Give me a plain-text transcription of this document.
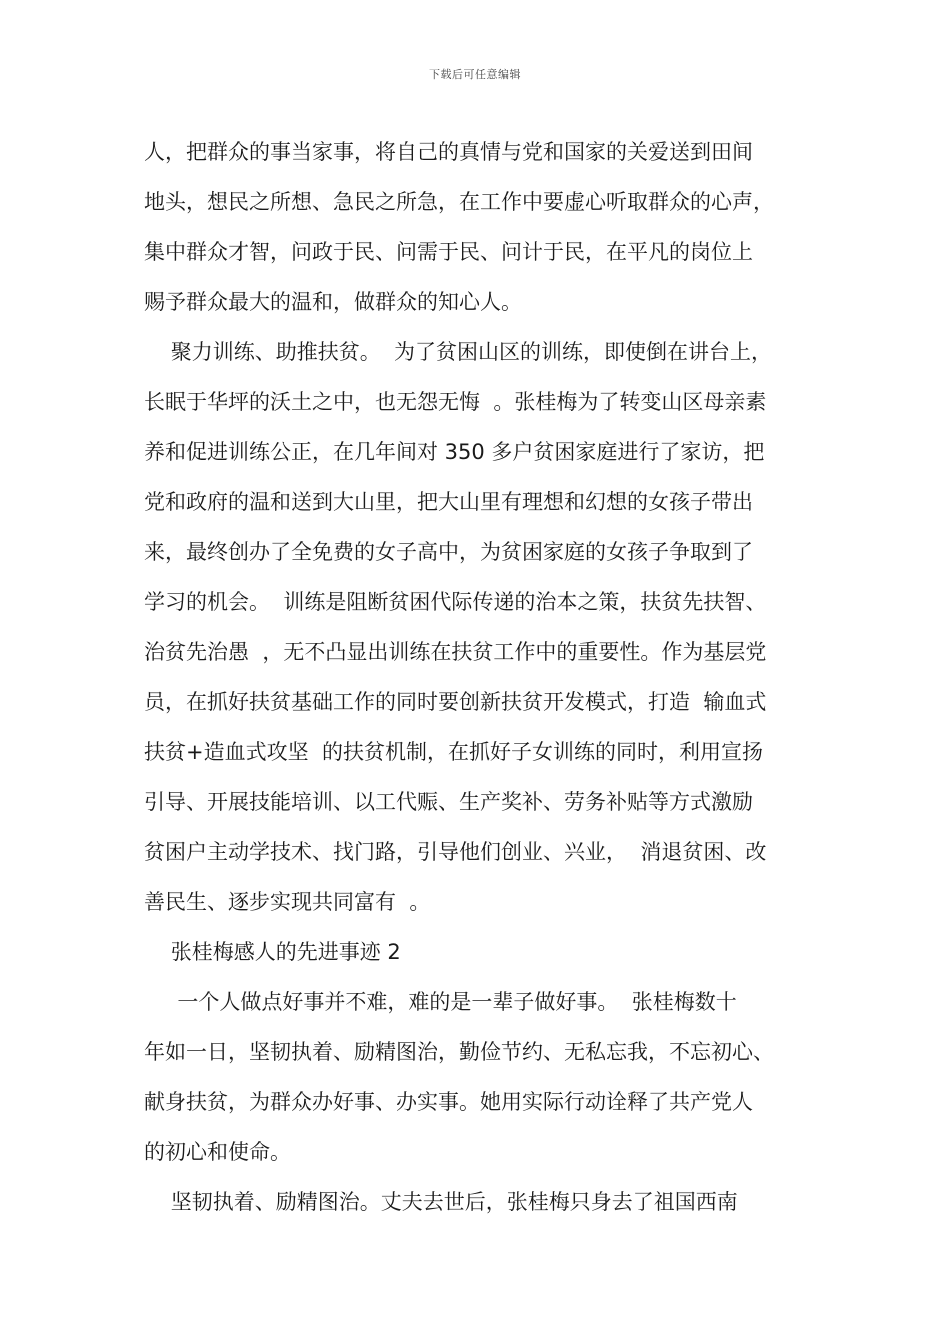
下载后可任意编辑
人，把群众的事当家事，将自己的真情与党和国家的关爱送到田间
地头，想民之所想、急民之所急，在工作中要虚心听取群众的心声，
集中群众才智，问政于民、问需于民、问计于民，在平凡的岗位上
赐予群众最大的温和，做群众的知心人。
聚力训练、助推扶贫。  为了贫困山区的训练，即使倒在讲台上，
长眠于华坪的沃土之中，也无怨无悔  。张桂梅为了转变山区母亲素
养和促进训练公正，在几年间对 350 多户贫困家庭进行了家访，把
党和政府的温和送到大山里，把大山里有理想和幻想的女孩子带出
来，最终创办了全免费的女子高中，为贫困家庭的女孩子争取到了
学习的机会。  训练是阻断贫困代际传递的治本之策，扶贫先扶智、
治贫先治愚  ，无不凸显出训练在扶贫工作中的重要性。作为基层党
员，在抓好扶贫基础工作的同时要创新扶贫开发模式，打造  输血式
扶贫+造血式攻坚  的扶贫机制，在抓好子女训练的同时，利用宣扬
引导、开展技能培训、以工代赈、生产奖补、劳务补贴等方式激励
贫困户主动学技术、找门路，引导他们创业、兴业，  消退贫困、改
善民生、逐步实现共同富有  。
张桂梅感人的先进事迹 2
一个人做点好事并不难，难的是一辈子做好事。  张桂梅数十
年如一日，坚韧执着、励精图治，勤俭节约、无私忘我，不忘初心、
献身扶贫，为群众办好事、办实事。她用实际行动诠释了共产党人
的初心和使命。
坚韧执着、励精图治。丈夫去世后，张桂梅只身去了祖国西南
